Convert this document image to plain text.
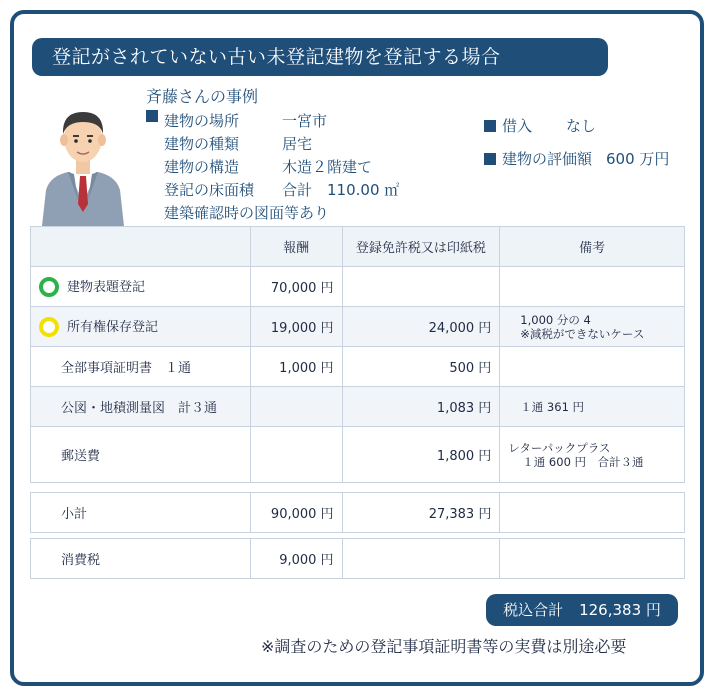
登記がされていない古い未登記建物を登記する場合
斉藤さんの事例
建物の場所	一宮市
建物の種類	居宅
建物の構造	木造２階建て
登記の床面積	合計　110.00 ㎡
建築確認時の図面等あり
借入 なし
建物の評価額 600 万円
	報酬	登録免許税又は印紙税	備考
建物表題登記	70,000 円		

所有権保存登記	19,000 円	24,000 円	1,000 分の 4
※減税ができないケース

全部事項証明書　１通	1,000 円	500 円	

公図・地積測量図　計３通		1,083 円	１通 361 円

郵送費		1,800 円	レターパックプラス
１通 600 円　合計３通
小計	90,000 円	27,383 円	

消費税	9,000 円		
税込合計 126,383 円
※調査のための登記事項証明書等の実費は別途必要
